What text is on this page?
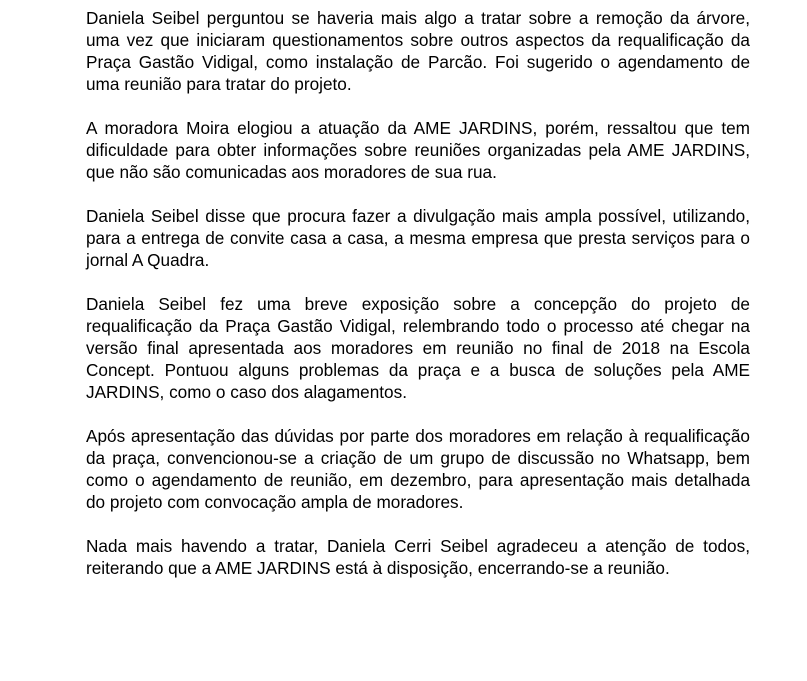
Daniela Seibel perguntou se haveria mais algo a tratar sobre a remoção da árvore, uma vez que iniciaram questionamentos sobre outros aspectos da requalificação da Praça Gastão Vidigal, como instalação de Parcão. Foi sugerido o agendamento de uma reunião para tratar do projeto.

A moradora Moira elogiou a atuação da AME JARDINS, porém, ressaltou que tem dificuldade para obter informações sobre reuniões organizadas pela AME JARDINS, que não são comunicadas aos moradores de sua rua.

Daniela Seibel disse que procura fazer a divulgação mais ampla possível, utilizando, para a entrega de convite casa a casa, a mesma empresa que presta serviços para o jornal A Quadra.

Daniela Seibel fez uma breve exposição sobre a concepção do projeto de requalificação da Praça Gastão Vidigal, relembrando todo o processo até chegar na versão final apresentada aos moradores em reunião no final de 2018 na Escola Concept. Pontuou alguns problemas da praça e a busca de soluções pela AME JARDINS, como o caso dos alagamentos.

Após apresentação das dúvidas por parte dos moradores em relação à requalificação da praça, convencionou-se a criação de um grupo de discussão no Whatsapp, bem como o agendamento de reunião, em dezembro, para apresentação mais detalhada do projeto com convocação ampla de moradores.

Nada mais havendo a tratar, Daniela Cerri Seibel agradeceu a atenção de todos, reiterando que a AME JARDINS está à disposição, encerrando-se a reunião.
